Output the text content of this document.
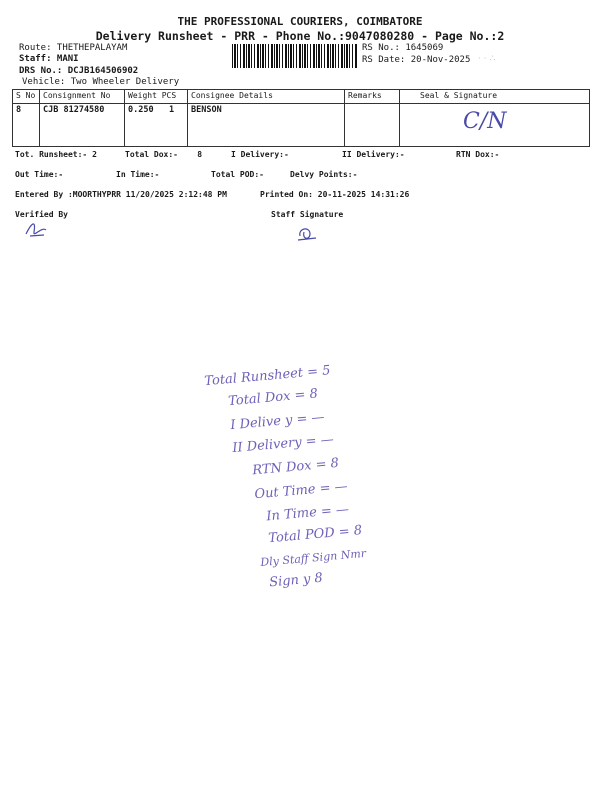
THE PROFESSIONAL COURIERS, COIMBATORE
Delivery Runsheet - PRR - Phone No.:9047080280 - Page No.:2
Route: THETHEPALAYAM
Staff: MANI
DRS No.: DCJB164506902
Vehicle: Two Wheeler Delivery
RS No.: 1645069
RS Date: 20-Nov-2025 · · ∴
S No	Consignment No	Weight PCS	Consignee Details	Remarks	Seal & Signature
8	CJB 81274580	0.250 1	BENSON		C/N
Tot. Runsheet:- 2	Total Dox:-    8	I Delivery:-	II Delivery:-	RTN Dox:-
Out Time:-	In Time:-	Total POD:-	Delvy Points:-
Entered By :MOORTHYPRR 11/20/2025 2:12:48 PM	Printed On: 20-11-2025 14:31:26
Verified By	Staff Signature
Total Runsheet = 5
Total Dox = 8
I Delive y = —
II Delivery = —
RTN Dox = 8
Out Time = —
In Time = —
Total POD = 8
Dly Staff Sign Nmr
Sign y 8
